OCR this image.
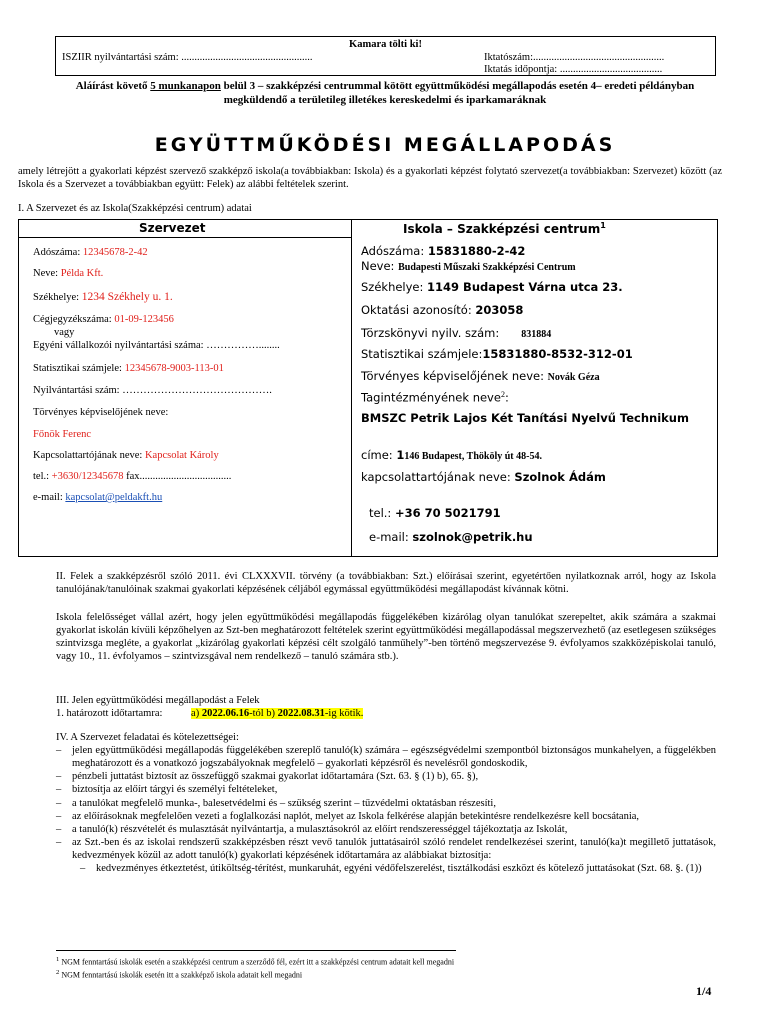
Kamara tölti ki!
ISZIIR nyilvántartási szám: ..................................................	Iktatószám:..................................................
Iktatás időpontja: .......................................
Aláírást követő 5 munkanapon belül 3 – szakképzési centrummal kötött együttműködési megállapodás esetén 4– eredeti példányban megküldendő a területileg illetékes kereskedelmi és iparkamaráknak
EGYÜTTMŰKÖDÉSI MEGÁLLAPODÁS
amely létrejött a gyakorlati képzést szervező szakképző iskola(a továbbiakban: Iskola) és a gyakorlati képzést folytató szervezet(a továbbiakban: Szervezet) között (az Iskola és a Szervezet a továbbiakban együtt: Felek) az alábbi feltételek szerint.
I. A Szervezet és az Iskola(Szakképzési centrum) adatai
Szervezet	Iskola – Szakképzési centrum$^1$
Adószáma: 12345678-2-42
Neve: Példa Kft.
Székhelye: 1234 Székhely u. 1.
Cégjegyzékszáma: 01-09-123456
vagy
Egyéni vállalkozói nyilvántartási száma: ……………........
Statisztikai számjele: 12345678-9003-113-01
Nyilvántartási szám: …………………………………….
Törvényes képviselőjének neve:
Főnök Ferenc
Kapcsolattartójának neve: Kapcsolat Károly
tel.: +3630/12345678 fax...................................
e-mail: kapcsolat@peldakft.hu
Adószáma: 15831880-2-42
Neve: Budapesti Műszaki Szakképzési Centrum
Székhelye: 1149 Budapest Várna utca 23.
Oktatási azonosító: 203058
Törzskönyvi nyilv. szám: 831884
Statisztikai számjele:15831880-8532-312-01
Törvényes képviselőjének neve: Novák Géza
Tagintézményének neve$^2$:
BMSZC Petrik Lajos Két Tanítási Nyelvű Technikum
címe: 1146 Budapest, Thököly út 48-54.
kapcsolattartójának neve: Szolnok Ádám
tel.: +36 70 5021791
e-mail: szolnok@petrik.hu
II. Felek a szakképzésről szóló 2011. évi CLXXXVII. törvény (a továbbiakban: Szt.) előírásai szerint, egyetértően nyilatkoznak arról, hogy az Iskola tanulójának/tanulóinak szakmai gyakorlati képzésének céljából egymással együttműködési megállapodást kívánnak kötni.
Iskola felelősséget vállal azért, hogy jelen együttműködési megállapodás függelékében kizárólag olyan tanulókat szerepeltet, akik számára a szakmai gyakorlat iskolán kívüli képzőhelyen az Szt-ben meghatározott feltételek szerint együttműködési megállapodással megszervezhető (az esetlegesen szükséges szintvizsga megléte, a gyakorlat „kizárólag gyakorlati képzési célt szolgáló tanműhely”-ben történő megszervezése 9. évfolyamos szakközépiskolai tanuló, vagy 10., 11. évfolyamos – szintvizsgával nem rendelkező – tanuló számára stb.).
III. Jelen együttműködési megállapodást a Felek
1. határozott időtartamra:	a) 2022.06.16-tól b) 2022.08.31-ig kötik.
IV. A Szervezet feladatai és kötelezettségei:
– jelen együttműködési megállapodás függelékében szereplő tanuló(k) számára – egészségvédelmi szempontból biztonságos munkahelyen, a függelékben meghatározott és a vonatkozó jogszabályoknak megfelelő – gyakorlati képzésről és nevelésről gondoskodik,
– pénzbeli juttatást biztosít az összefüggő szakmai gyakorlat időtartamára (Szt. 63. § (1) b), 65. §),
– biztosítja az előírt tárgyi és személyi feltételeket,
– a tanulókat megfelelő munka-, balesetvédelmi és – szükség szerint – tűzvédelmi oktatásban részesíti,
– az előírásoknak megfelelően vezeti a foglalkozási naplót, melyet az Iskola felkérése alapján betekintésre rendelkezésre kell bocsátania,
– a tanuló(k) részvételét és mulasztását nyilvántartja, a mulasztásokról az előírt rendszerességgel tájékoztatja az Iskolát,
– az Szt.-ben és az iskolai rendszerű szakképzésben részt vevő tanulók juttatásairól szóló rendelet rendelkezései szerint, tanuló(ka)t megillető juttatások, kedvezmények közül az adott tanuló(k) gyakorlati képzésének időtartamára az alábbiakat biztosítja:
– kedvezményes étkeztetést, útiköltség-térítést, munkaruhát, egyéni védőfelszerelést, tisztálkodási eszközt és kötelező juttatásokat (Szt. 68. §. (1))
$^1$ NGM fenntartású iskolák esetén a szakképzési centrum a szerződő fél, ezért itt a szakképzési centrum adatait kell megadni
$^2$ NGM fenntartású iskolák esetén itt a szakképző iskola adatait kell megadni
1/4
